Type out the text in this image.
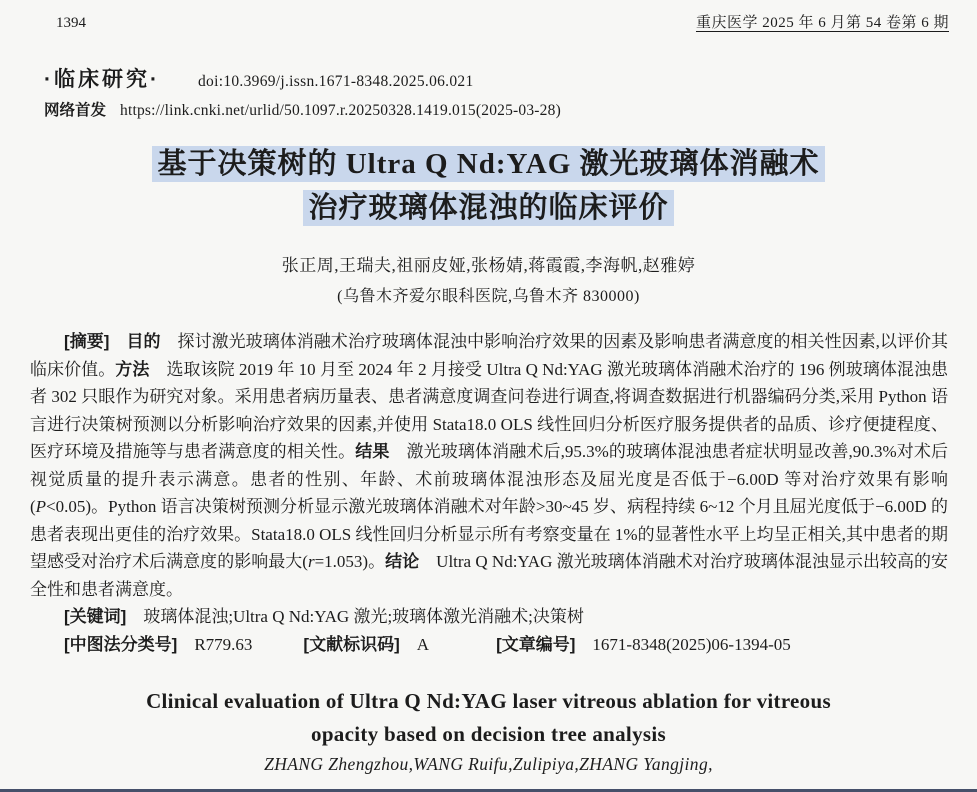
1394	重庆医学 2025 年 6 月第 54 卷第 6 期
·临床研究· doi:10.3969/j.issn.1671-8348.2025.06.021
网络首发 https://link.cnki.net/urlid/50.1097.r.20250328.1419.015(2025-03-28)
基于决策树的 Ultra Q Nd:YAG 激光玻璃体消融术
治疗玻璃体混浊的临床评价
张正周,王瑞夫,祖丽皮娅,张杨婧,蒋霞霞,李海帆,赵雅婷
(乌鲁木齐爱尔眼科医院,乌鲁木齐 830000)

[摘要]　 目的　探讨激光玻璃体消融术治疗玻璃体混浊中影响治疗效果的因素及影响患者满意度的相关性因素,以评价其临床价值。方法　选取该院 2019 年 10 月至 2024 年 2 月接受 Ultra Q Nd:YAG 激光玻璃体消融术治疗的 196 例玻璃体混浊患者 302 只眼作为研究对象。采用患者病历量表、患者满意度调查问卷进行调查,将调查数据进行机器编码分类,采用 Python 语言进行决策树预测以分析影响治疗效果的因素,并使用 Stata18.0 OLS 线性回归分析医疗服务提供者的品质、诊疗便捷程度、医疗环境及措施等与患者满意度的相关性。结果　激光玻璃体消融术后,95.3%的玻璃体混浊患者症状明显改善,90.3%对术后视觉质量的提升表示满意。患者的性别、年龄、术前玻璃体混浊形态及屈光度是否低于−6.00D 等对治疗效果有影响(P<0.05)。Python 语言决策树预测分析显示激光玻璃体消融术对年龄>30~45 岁、病程持续 6~12 个月且屈光度低于−6.00D 的患者表现出更佳的治疗效果。Stata18.0 OLS 线性回归分析显示所有考察变量在 1%的显著性水平上均呈正相关,其中患者的期望感受对治疗术后满意度的影响最大(r=1.053)。结论　Ultra Q Nd:YAG 激光玻璃体消融术对治疗玻璃体混浊显示出较高的安全性和患者满意度。

[关键词]　玻璃体混浊;Ultra Q Nd:YAG 激光;玻璃体激光消融术;决策树

[中图法分类号]　R779.63　　　[文献标识码]　A　　　　[文章编号]　1671-8348(2025)06-1394-05

Clinical evaluation of Ultra Q Nd:YAG laser vitreous ablation for vitreous
opacity based on decision tree analysis
ZHANG Zhengzhou,WANG Ruifu,Zulipiya,ZHANG Yangjing,
